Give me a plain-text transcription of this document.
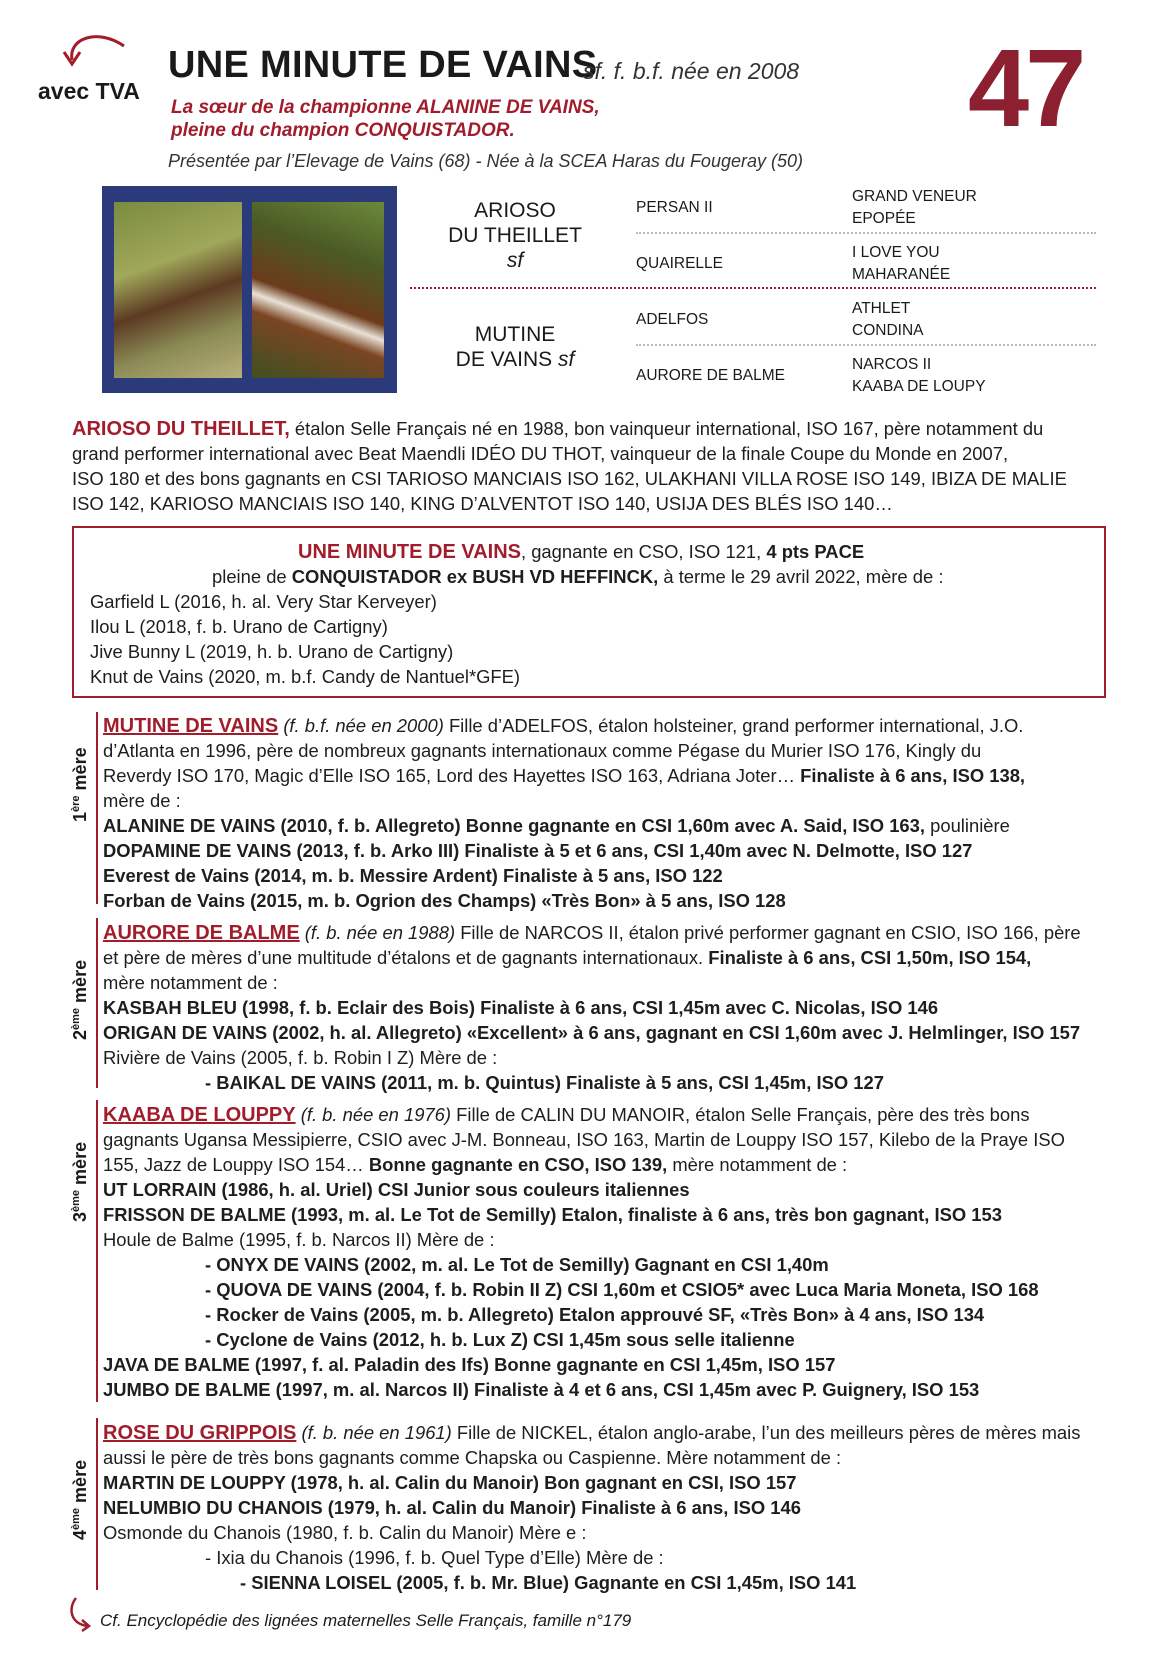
avec TVA
UNE MINUTE DE VAINS
sf. f. b.f. née en 2008 47
La sœur de la championne ALANINE DE VAINS,
pleine du champion CONQUISTADOR.
Présentée par l’Elevage de Vains (68) - Née à la SCEA Haras du Fougeray (50)
ARIOSO
DU THEILLET
sf
MUTINE
DE VAINS sf
PERSAN II
QUAIRELLE
ADELFOS
AURORE DE BALME
GRAND VENEUR
EPOPÉE
I LOVE YOU
MAHARANÉE
ATHLET
CONDINA
NARCOS II
KAABA DE LOUPY
ARIOSO DU THEILLET, étalon Selle Français né en 1988, bon vainqueur international, ISO 167, père notamment du
grand performer international avec Beat Maendli IDÉO DU THOT, vainqueur de la finale Coupe du Monde en 2007,
ISO 180 et des bons gagnants en CSI TARIOSO MANCIAIS ISO 162, ULAKHANI VILLA ROSE ISO 149, IBIZA DE MALIE
ISO 142, KARIOSO MANCIAIS ISO 140, KING D’ALVENTOT ISO 140, USIJA DES BLÉS ISO 140…
UNE MINUTE DE VAINS, gagnante en CSO, ISO 121, 4 pts PACE
pleine de CONQUISTADOR ex BUSH VD HEFFINCK, à terme le 29 avril 2022, mère de :
Garfield L (2016, h. al. Very Star Kerveyer)
Ilou L (2018, f. b. Urano de Cartigny)
Jive Bunny L (2019, h. b. Urano de Cartigny)
Knut de Vains (2020, m. b.f. Candy de Nantuel*GFE)
1ère mère
MUTINE DE VAINS (f. b.f. née en 2000) Fille d’ADELFOS, étalon holsteiner, grand performer international, J.O.
d’Atlanta en 1996, père de nombreux gagnants internationaux comme Pégase du Murier ISO 176, Kingly du
Reverdy ISO 170, Magic d’Elle ISO 165, Lord des Hayettes ISO 163, Adriana Joter… Finaliste à 6 ans, ISO 138,
mère de :
ALANINE DE VAINS (2010, f. b. Allegreto) Bonne gagnante en CSI 1,60m avec A. Said, ISO 163, poulinière
DOPAMINE DE VAINS (2013, f. b. Arko III) Finaliste à 5 et 6 ans, CSI 1,40m avec N. Delmotte, ISO 127
Everest de Vains (2014, m. b. Messire Ardent) Finaliste à 5 ans, ISO 122
Forban de Vains (2015, m. b. Ogrion des Champs) «Très Bon» à 5 ans, ISO 128
2ème mère
AURORE DE BALME (f. b. née en 1988) Fille de NARCOS II, étalon privé performer gagnant en CSIO, ISO 166, père
et père de mères d’une multitude d’étalons et de gagnants internationaux. Finaliste à 6 ans, CSI 1,50m, ISO 154,
mère notamment de :
KASBAH BLEU (1998, f. b. Eclair des Bois) Finaliste à 6 ans, CSI 1,45m avec C. Nicolas, ISO 146
ORIGAN DE VAINS (2002, h. al. Allegreto) «Excellent» à 6 ans, gagnant en CSI 1,60m avec J. Helmlinger, ISO 157
Rivière de Vains (2005, f. b. Robin I Z) Mère de :
- BAIKAL DE VAINS (2011, m. b. Quintus) Finaliste à 5 ans, CSI 1,45m, ISO 127
3ème mère
KAABA DE LOUPPY (f. b. née en 1976) Fille de CALIN DU MANOIR, étalon Selle Français, père des très bons
gagnants Ugansa Messipierre, CSIO avec J-M. Bonneau, ISO 163, Martin de Louppy ISO 157, Kilebo de la Praye ISO
155, Jazz de Louppy ISO 154… Bonne gagnante en CSO, ISO 139, mère notamment de :
UT LORRAIN (1986, h. al. Uriel) CSI Junior sous couleurs italiennes
FRISSON DE BALME (1993, m. al. Le Tot de Semilly) Etalon, finaliste à 6 ans, très bon gagnant, ISO 153
Houle de Balme (1995, f. b. Narcos II) Mère de :
- ONYX DE VAINS (2002, m. al. Le Tot de Semilly) Gagnant en CSI 1,40m
- QUOVA DE VAINS (2004, f. b. Robin II Z) CSI 1,60m et CSIO5* avec Luca Maria Moneta, ISO 168
- Rocker de Vains (2005, m. b. Allegreto) Etalon approuvé SF, «Très Bon» à 4 ans, ISO 134
- Cyclone de Vains (2012, h. b. Lux Z) CSI 1,45m sous selle italienne
JAVA DE BALME (1997, f. al. Paladin des Ifs) Bonne gagnante en CSI 1,45m, ISO 157
JUMBO DE BALME (1997, m. al. Narcos II) Finaliste à 4 et 6 ans, CSI 1,45m avec P. Guignery, ISO 153
4ème mère
ROSE DU GRIPPOIS (f. b. née en 1961) Fille de NICKEL, étalon anglo-arabe, l’un des meilleurs pères de mères mais
aussi le père de très bons gagnants comme Chapska ou Caspienne. Mère notamment de :
MARTIN DE LOUPPY (1978, h. al. Calin du Manoir) Bon gagnant en CSI, ISO 157
NELUMBIO DU CHANOIS (1979, h. al. Calin du Manoir) Finaliste à 6 ans, ISO 146
Osmonde du Chanois (1980, f. b. Calin du Manoir) Mère e :
- Ixia du Chanois (1996, f. b. Quel Type d’Elle) Mère de :
- SIENNA LOISEL (2005, f. b. Mr. Blue) Gagnante en CSI 1,45m, ISO 141
Cf. Encyclopédie des lignées maternelles Selle Français, famille n°179
